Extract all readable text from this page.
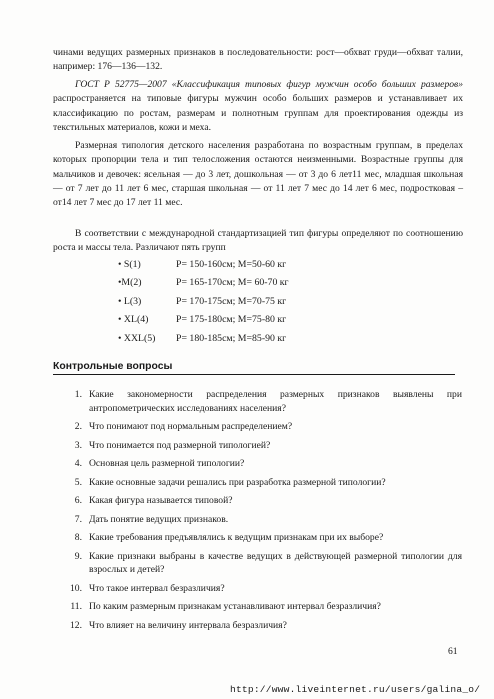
чинами ведущих размерных признаков в последовательности: рост—обхват груди—обхват талии, например: 176—136—132.

ГОСТ Р 52775—2007 «Классификация типовых фигур мужчин особо больших размеров» распространяется на типовые фигуры мужчин особо больших размеров и устанавливает их классификацию по ростам, размерам и полнотным группам для проектирования одежды из текстильных материалов, кожи и меха.

Размерная типология детского населения разработана по возрастным группам, в пределах которых пропорции тела и тип телосложения остаются неизменными. Возрастные группы для мальчиков и девочек: ясельная — до 3 лет, дошкольная — от 3 до 6 лет11 мес, младшая школьная — от 7 лет до 11 лет 6 мес, старшая школьная — от 11 лет 7 мес до 14 лет 6 мес, подростковая – от14 лет 7 мес до 17 лет 11 мес.

В соответствии с международной стандартизацией тип фигуры определяют по соотношению роста и массы тела. Различают пять групп

• S(1)	P= 150-160см; M=50-60 кг
•M(2)	P= 165-170см; M= 60-70 кг
• L(3)	P= 170-175см; M=70-75 кг
• XL(4)	P= 175-180см; M=75-80 кг
• XXL(5) P= 180-185см; M=85-90 кг
Контрольные вопросы
1. Какие закономерности распределения размерных признаков выявлены при антропометрических исследованиях населения?
2. Что понимают под нормальным распределением?
3. Что понимается под размерной типологией?
4. Основная цель размерной типологии?
5. Какие основные задачи решались при разработка размерной типологии?
6. Какая фигура называется типовой?
7. Дать понятие ведущих признаков.
8. Какие требования предъявлялись к ведущим признакам при их выборе?
9. Какие признаки выбраны в качестве ведущих в действующей размерной типологии для взрослых и детей?
10. Что такое интервал безразличия?
11. По каким размерным признакам устанавливают интервал безразличия?
12. Что влияет на величину интервала безразличия?
61
http://www.liveinternet.ru/users/galina_o/
